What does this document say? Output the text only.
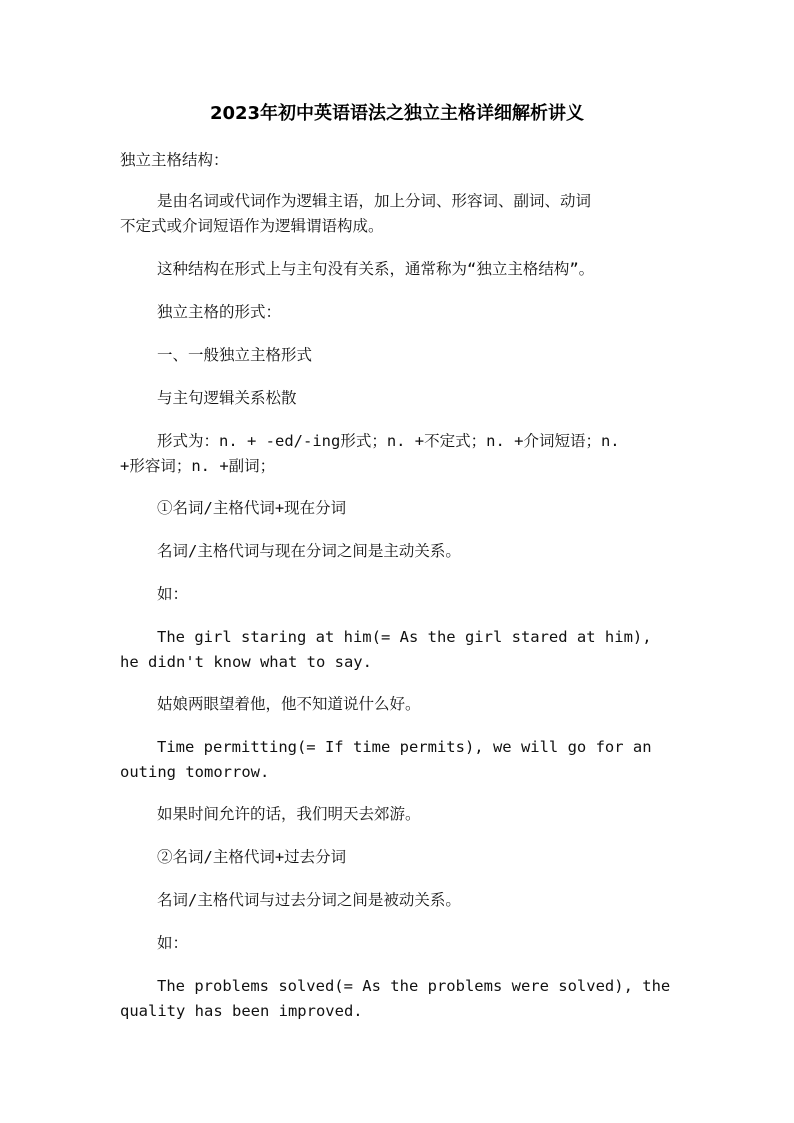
2023年初中英语语法之独立主格详细解析讲义
独立主格结构：
是由名词或代词作为逻辑主语，加上分词、形容词、副词、动词
不定式或介词短语作为逻辑谓语构成。
这种结构在形式上与主句没有关系，通常称为“独立主格结构”。
独立主格的形式：
一、一般独立主格形式
与主句逻辑关系松散
形式为：n. + -ed/-ing形式；n. +不定式；n. +介词短语；n.
+形容词；n. +副词；
①名词/主格代词+现在分词
名词/主格代词与现在分词之间是主动关系。
如：
The girl staring at him(= As the girl stared at him),
he didn't know what to say.
姑娘两眼望着他，他不知道说什么好。
Time permitting(= If time permits), we will go for an
outing tomorrow.
如果时间允许的话，我们明天去郊游。
②名词/主格代词+过去分词
名词/主格代词与过去分词之间是被动关系。
如：
The problems solved(= As the problems were solved), the
quality has been improved.
